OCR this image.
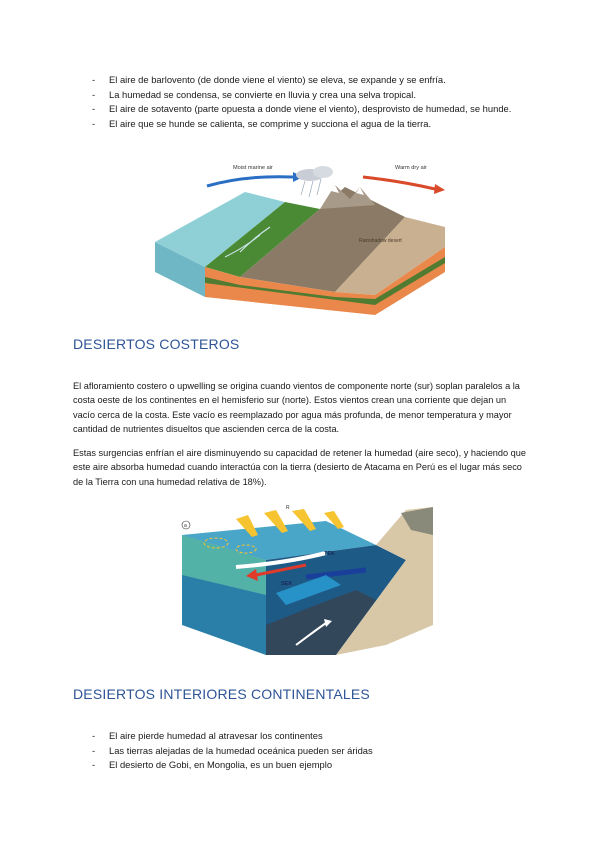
- El aire de barlovento (de donde viene el viento) se eleva, se expande y se enfría.
- La humedad se condensa, se convierte en lluvia y crea una selva tropical.
- El aire de sotavento (parte opuesta a donde viene el viento), desprovisto de humedad, se hunde.
- El aire que se hunde se calienta, se comprime y succiona el agua de la tierra.
Moist marine air	Warm dry air
Rainshadow desert
DESIERTOS COSTEROS

El afloramiento costero o upwelling se origina cuando vientos de componente norte (sur) soplan paralelos a la costa oeste de los continentes en el hemisferio sur (norte). Estos vientos crean una corriente que dejan un vacío cerca de la costa. Este vacío es reemplazado por agua más profunda, de menor temperatura y mayor cantidad de nutrientes disueltos que ascienden cerca de la costa.

Estas surgencias enfrían el aire disminuyendo su capacidad de retener la humedad (aire seco), y haciendo que este aire absorba humedad cuando interactúa con la tierra (desierto de Atacama en Perú es el lugar más seco de la Tierra con una humedad relativa de 18%).

a
R
TEK
SEK
DESIERTOS INTERIORES CONTINENTALES
- El aire pierde humedad al atravesar los continentes
- Las tierras alejadas de la humedad oceánica pueden ser áridas
- El desierto de Gobi, en Mongolia, es un buen ejemplo
